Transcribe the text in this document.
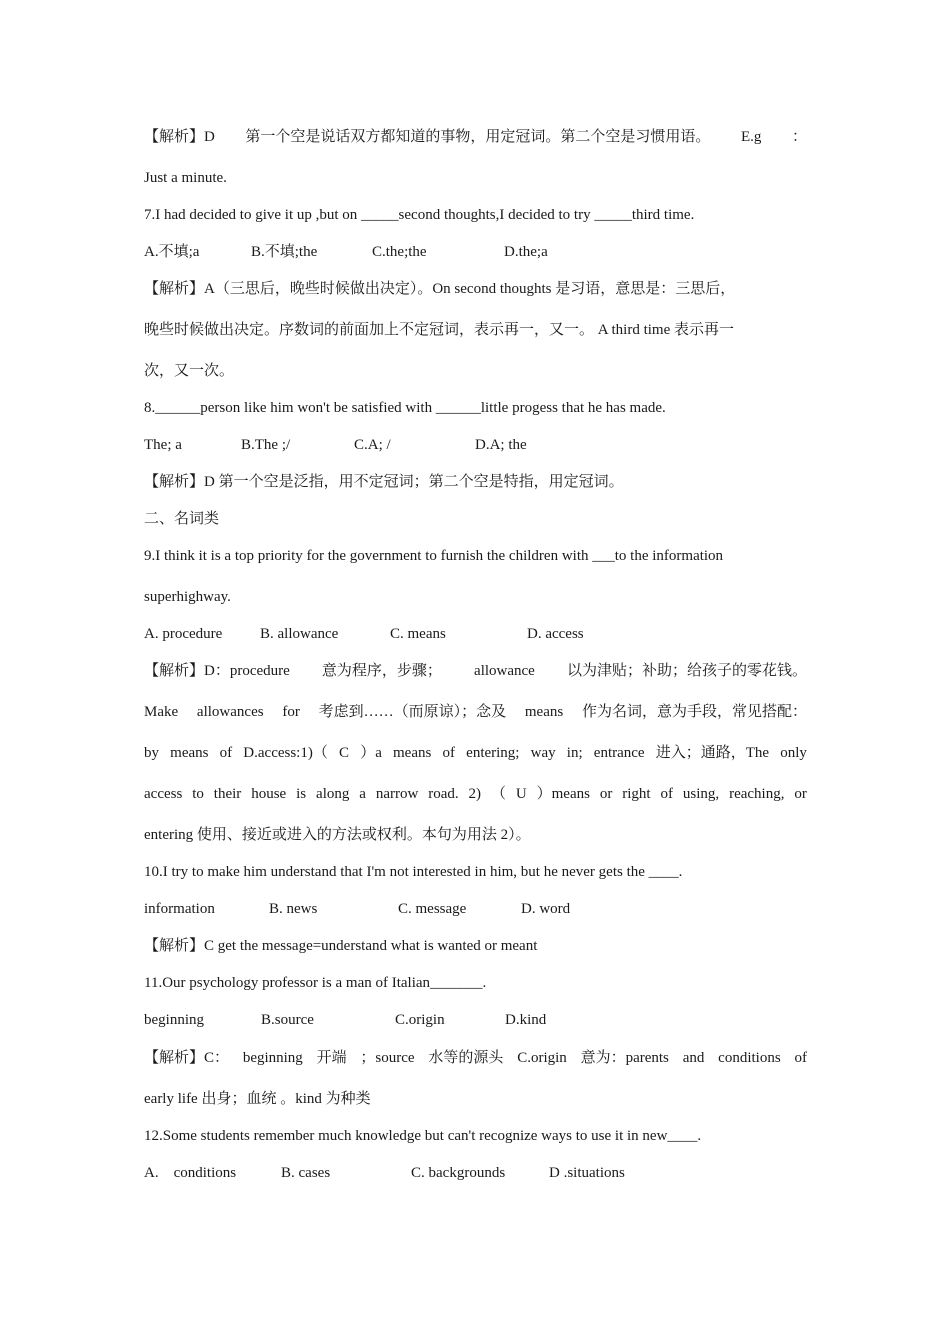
【解析】D 第一个空是说话双方都知道的事物，用定冠词。第二个空是习惯用语。 E.g ：
Just a minute.
7.I had decided to give it up ,but on _____second thoughts,I decided to try _____third time.
A.不填;a	B.不填;the	C.the;the	D.the;a
【解析】A（三思后，晚些时候做出决定）。On second thoughts 是习语，意思是：三思后，
晚些时候做出决定。序数词的前面加上不定冠词，表示再一，又一。 A third time 表示再一
次，又一次。
8.______person like him won't be satisfied with ______little progess that he has made.
The; a	B.The ;/	C.A; /	D.A; the
【解析】D 第一个空是泛指，用不定冠词；第二个空是特指，用定冠词。
二、名词类
9.I think it is a top priority for the government to furnish the children with ___to the information
superhighway.
A. procedure	B. allowance	C. means	D. access
【解析】D：procedure 意为程序，步骤； allowance 以为津贴；补助；给孩子的零花钱。
Make allowances for 考虑到……（而原谅）；念及 means 作为名词，意为手段，常见搭配：
by means of D.access:1)（ C ）a means of entering; way in; entrance 进入；通路，The only
access to their house is along a narrow road. 2) （ U ）means or right of using, reaching, or
entering 使用、接近或进入的方法或权利。本句为用法 2）。
10.I try to make him understand that I'm not interested in him, but he never gets the ____.
information	B. news	C. message	D. word
【解析】C get the message=understand what is wanted or meant
11.Our psychology professor is a man of Italian_______.
beginning	B.source	C.origin	D.kind
【解析】C： beginning 开端 ；source 水等的源头 C.origin 意为：parents and conditions of
early life 出身；血统 。kind 为种类
12.Some students remember much knowledge but can't recognize ways to use it in new____.
A.    conditions	B. cases	C. backgrounds	D .situations
